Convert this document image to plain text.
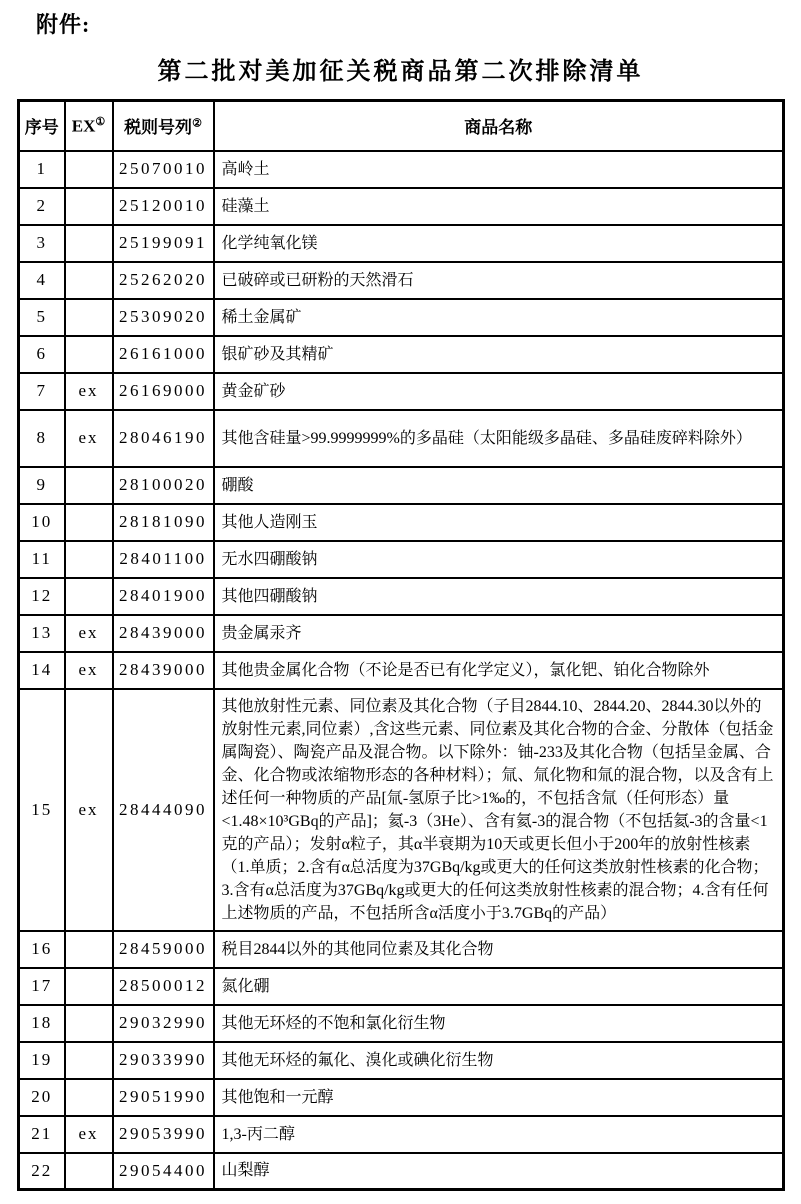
附件:
第二批对美加征关税商品第二次排除清单
序号	EX①	税则号列②	商品名称
1		25070010	高岭土
2		25120010	硅藻土
3		25199091	化学纯氧化镁
4		25262020	已破碎或已研粉的天然滑石
5		25309020	稀土金属矿
6		26161000	银矿砂及其精矿
7	ex	26169000	黄金矿砂
8	ex	28046190	其他含硅量>99.9999999%的多晶硅（太阳能级多晶硅、多晶硅废碎料除外）
9		28100020	硼酸
10		28181090	其他人造刚玉
11		28401100	无水四硼酸钠
12		28401900	其他四硼酸钠
13	ex	28439000	贵金属汞齐
14	ex	28439000	其他贵金属化合物（不论是否已有化学定义），氯化钯、铂化合物除外
15	ex	28444090	其他放射性元素、同位素及其化合物（子目2844.10、2844.20、2844.30以外的放射性元素,同位素）,含这些元素、同位素及其化合物的合金、分散体（包括金属陶瓷）、陶瓷产品及混合物。以下除外：铀-233及其化合物（包括呈金属、合金、化合物或浓缩物形态的各种材料）；氚、氚化物和氚的混合物，以及含有上述任何一种物质的产品[氚-氢原子比>1‰的，不包括含氚（任何形态）量<1.48×10³GBq的产品]；氦-3（3He）、含有氦-3的混合物（不包括氦-3的含量<1克的产品）；发射α粒子，其α半衰期为10天或更长但小于200年的放射性核素（1.单质；2.含有α总活度为37GBq/kg或更大的任何这类放射性核素的化合物；3.含有α总活度为37GBq/kg或更大的任何这类放射性核素的混合物；4.含有任何上述物质的产品，不包括所含α活度小于3.7GBq的产品）
16		28459000	税目2844以外的其他同位素及其化合物
17		28500012	氮化硼
18		29032990	其他无环烃的不饱和氯化衍生物
19		29033990	其他无环烃的氟化、溴化或碘化衍生物
20		29051990	其他饱和一元醇
21	ex	29053990	1,3-丙二醇
22		29054400	山梨醇
